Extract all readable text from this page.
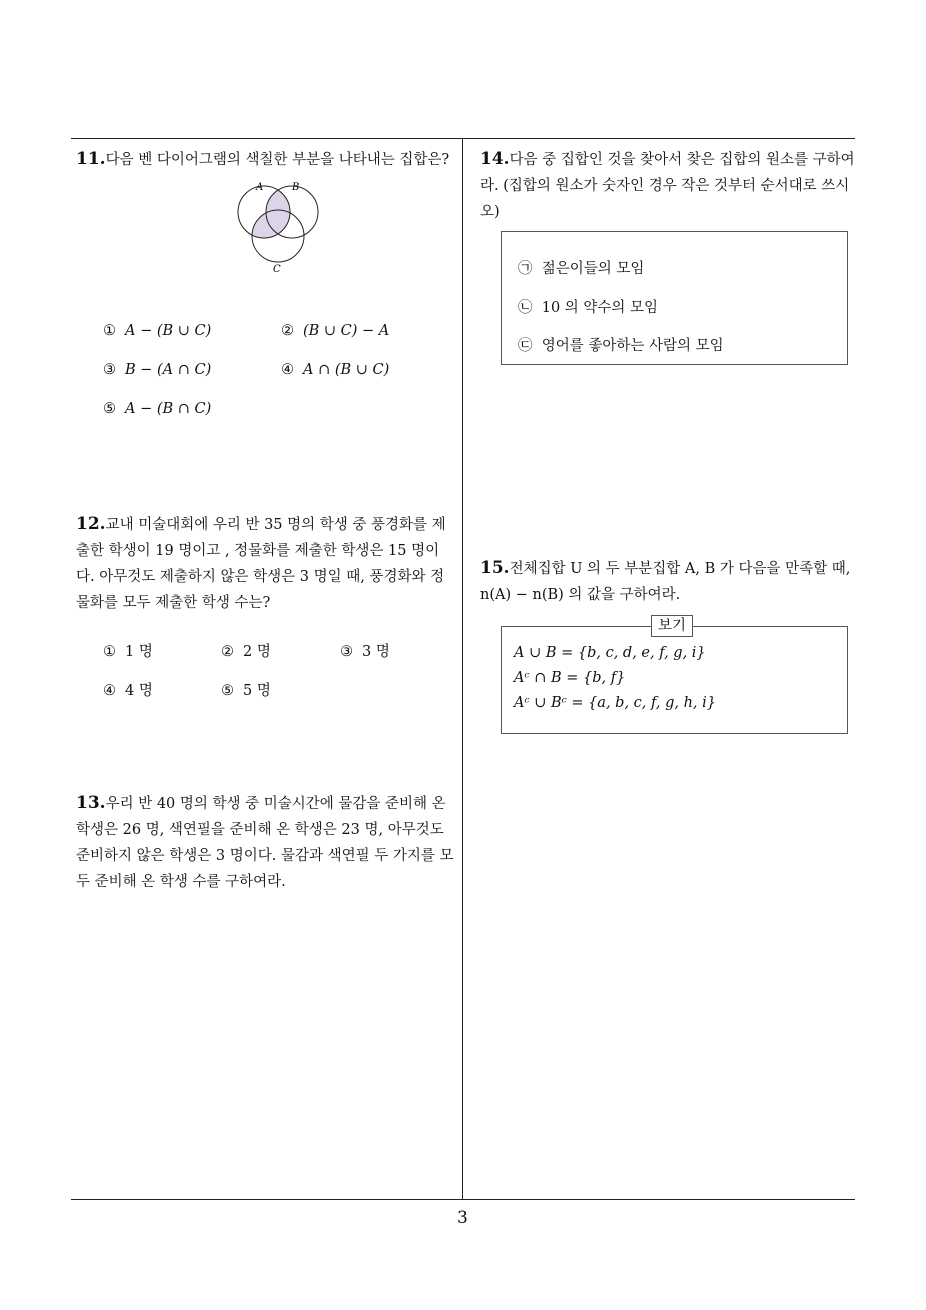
11.다음 벤 다이어그램의 색칠한 부분을 나타내는 집합은?
A	B
C
① A − (B ∪ C)	② (B ∪ C) − A
③ B − (A ∩ C)	④ A ∩ (B ∪ C)
⑤ A − (B ∩ C)
12.교내 미술대회에 우리 반 35 명의 학생 중 풍경화를 제출한 학생이 19 명이고 , 정물화를 제출한 학생은 15 명이다. 아무것도 제출하지 않은 학생은 3 명일 때, 풍경화와 정물화를 모두 제출한 학생 수는?
① 1 명	② 2 명	③ 3 명
④ 4 명	⑤ 5 명
13.우리 반 40 명의 학생 중 미술시간에 물감을 준비해 온 학생은 26 명, 색연필을 준비해 온 학생은 23 명, 아무것도 준비하지 않은 학생은 3 명이다. 물감과 색연필 두 가지를 모두 준비해 온 학생 수를 구하여라.
14.다음 중 집합인 것을 찾아서 찾은 집합의 원소를 구하여라. (집합의 원소가 숫자인 경우 작은 것부터 순서대로 쓰시오)
㉠ 젊은이들의 모임
㉡ 10 의 약수의 모임
㉢ 영어를 좋아하는 사람의 모임
15.전체집합 U 의 두 부분집합 A, B 가 다음을 만족할 때, n(A) − n(B) 의 값을 구하여라.
보기
A ∪ B = {b, c, d, e, f, g, i}
Aᶜ ∩ B = {b, f}
Aᶜ ∪ Bᶜ = {a, b, c, f, g, h, i}
3
